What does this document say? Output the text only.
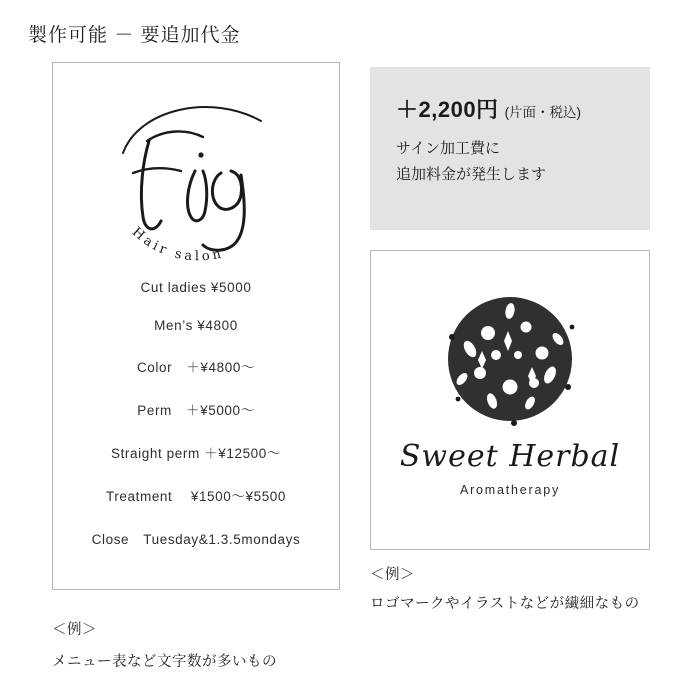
製作可能 － 要追加代金
Hair salon
Cut ladies ¥5000
Men’s ¥4800
Color　＋¥4800〜
Perm　＋¥5000〜
Straight perm ＋¥12500〜
Treatment　 ¥1500〜¥5500
Close　Tuesday&1.3.5mondays
＋2,200円 (片面・税込)
サイン加工費に
追加料金が発生します
Sweet Herbal
Aromatherapy
＜例＞
メニュー表など文字数が多いもの
＜例＞
ロゴマークやイラストなどが繊細なもの
